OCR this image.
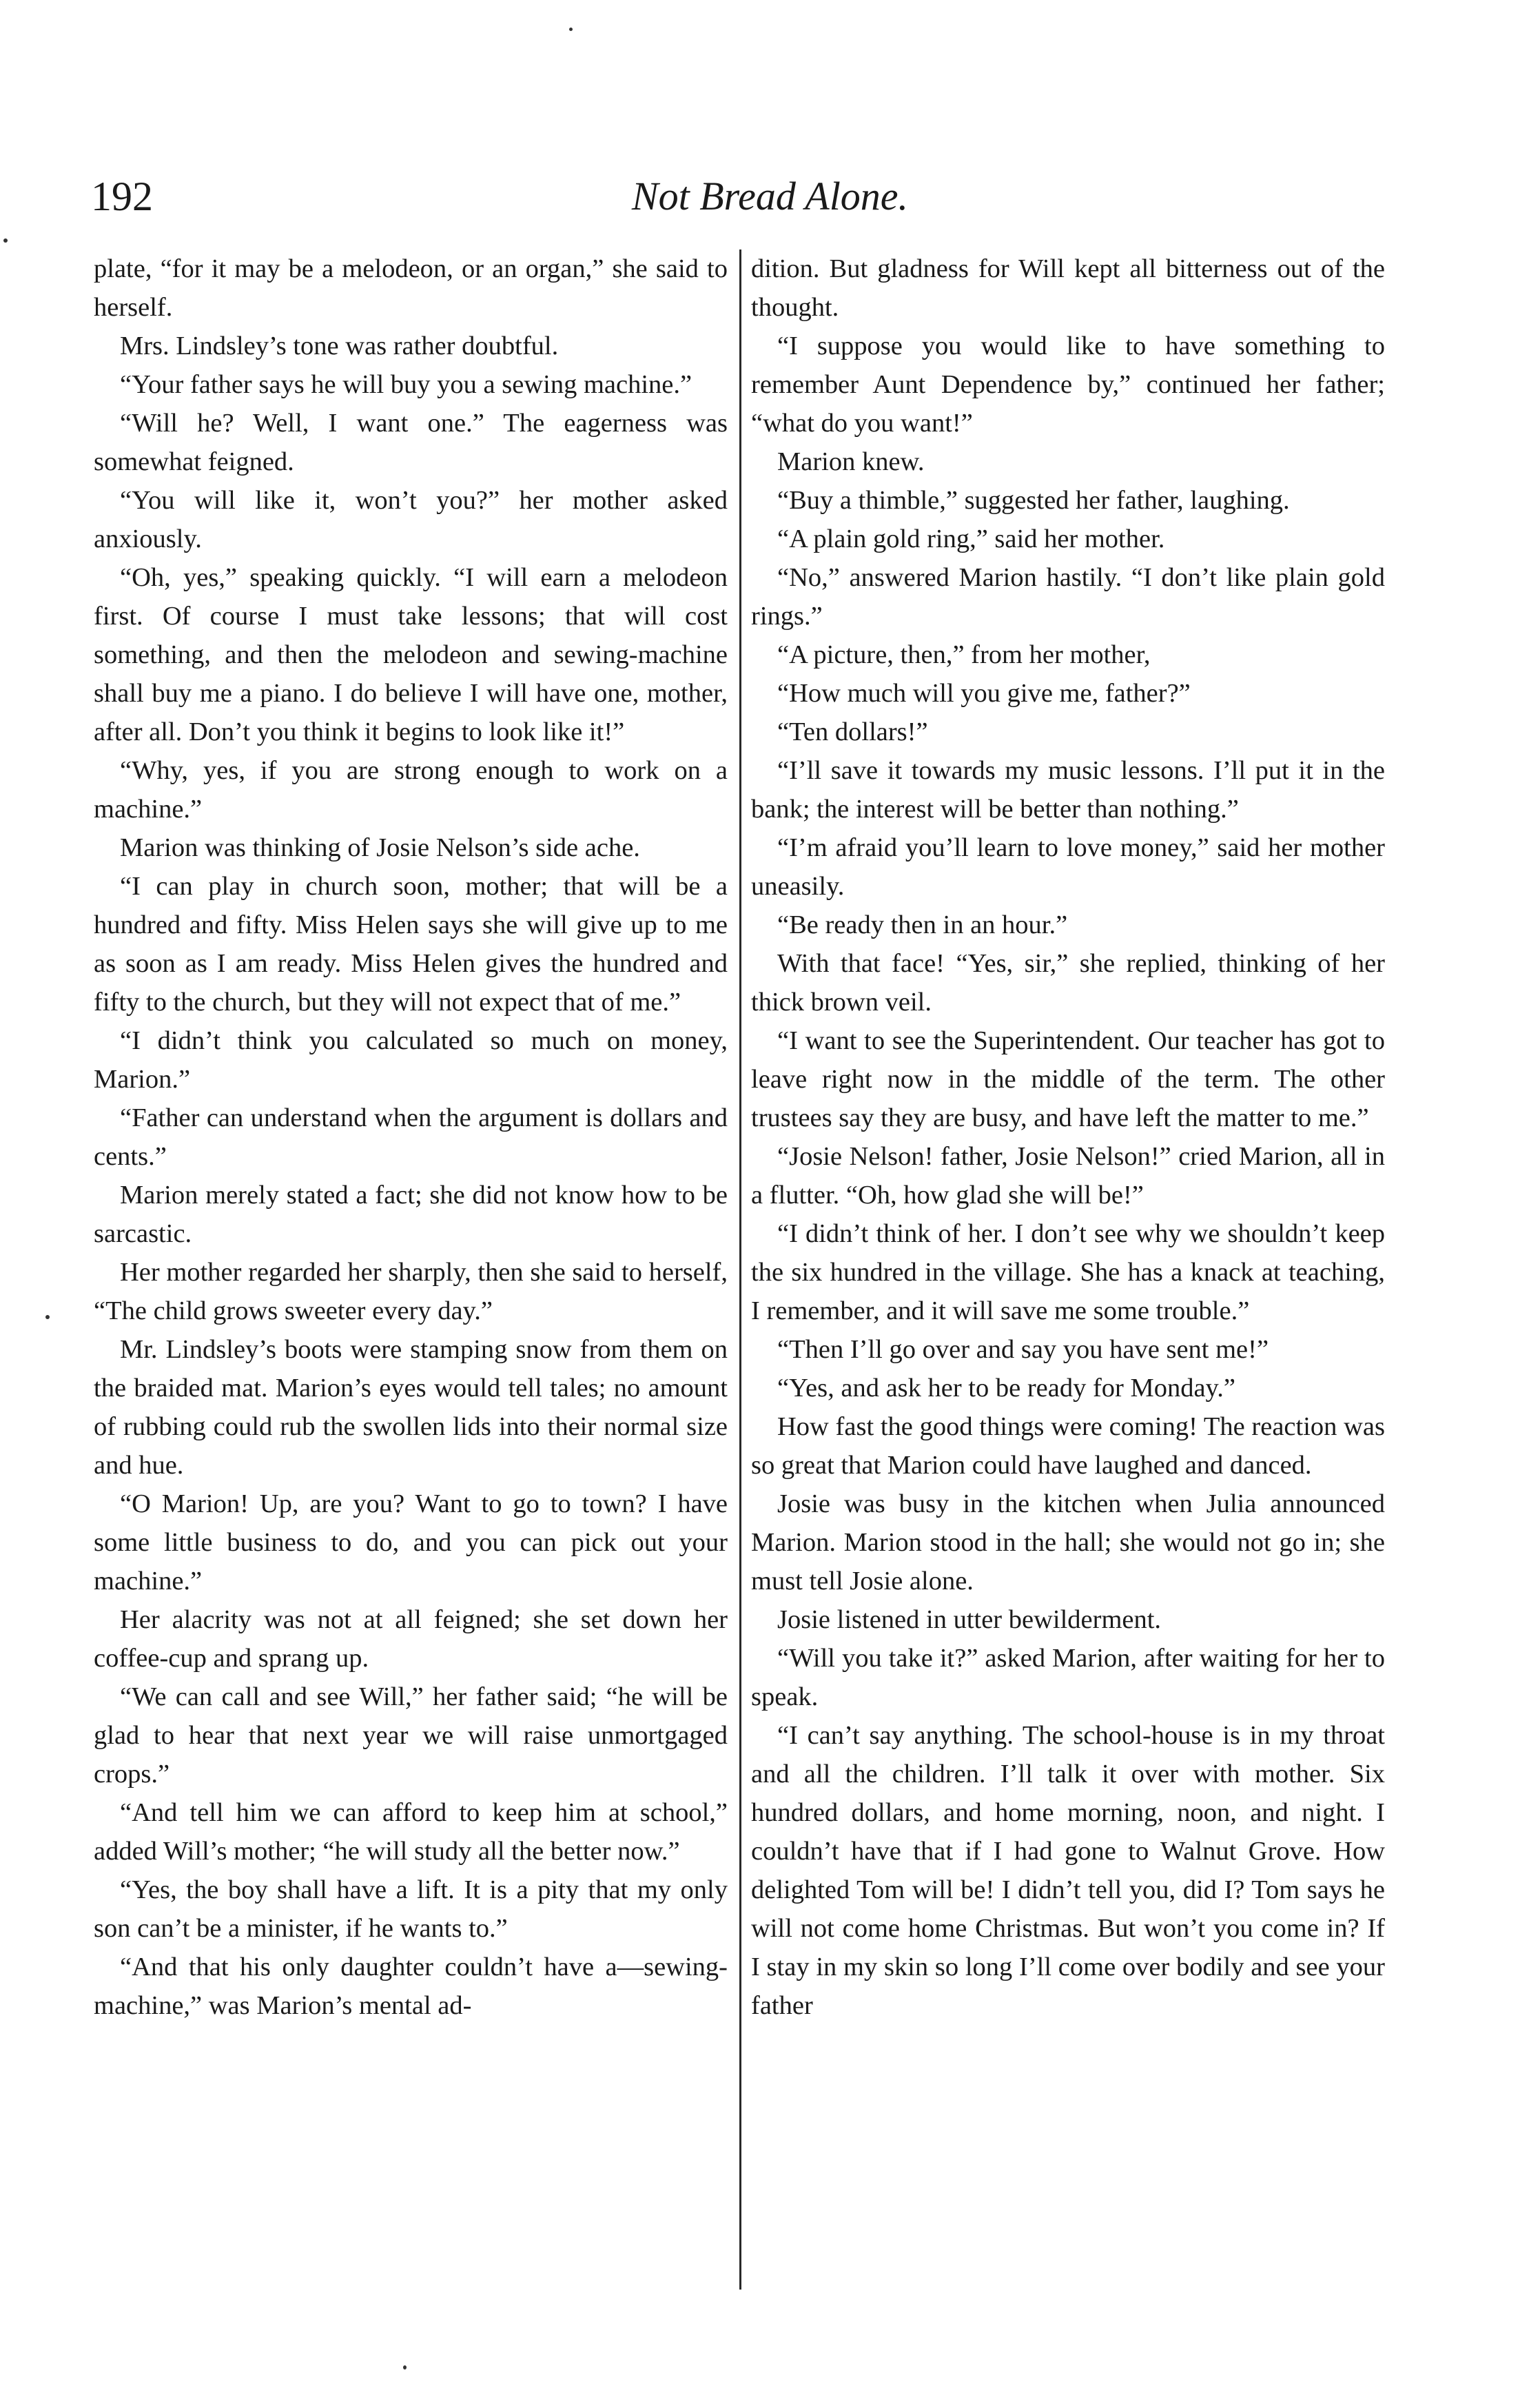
192	Not Bread Alone.

plate, “for it may be a melodeon, or an organ,” she said to herself.

Mrs. Lindsley’s tone was rather doubtful.

“Your father says he will buy you a sewing machine.”

“Will he? Well, I want one.” The eagerness was somewhat feigned.

“You will like it, won’t you?” her mother asked anxiously.

“Oh, yes,” speaking quickly. “I will earn a melodeon first. Of course I must take lessons; that will cost something, and then the melodeon and sewing-machine shall buy me a piano. I do believe I will have one, mother, after all. Don’t you think it begins to look like it!”

“Why, yes, if you are strong enough to work on a machine.”

Marion was thinking of Josie Nelson’s side ache.

“I can play in church soon, mother; that will be a hundred and fifty. Miss Helen says she will give up to me as soon as I am ready. Miss Helen gives the hundred and fifty to the church, but they will not expect that of me.”

“I didn’t think you calculated so much on money, Marion.”

“Father can understand when the argument is dollars and cents.”

Marion merely stated a fact; she did not know how to be sarcastic.

Her mother regarded her sharply, then she said to herself, “The child grows sweeter every day.”

Mr. Lindsley’s boots were stamping snow from them on the braided mat. Marion’s eyes would tell tales; no amount of rubbing could rub the swollen lids into their normal size and hue.

“O Marion! Up, are you? Want to go to town? I have some little business to do, and you can pick out your machine.”

Her alacrity was not at all feigned; she set down her coffee-cup and sprang up.

“We can call and see Will,” her father said; “he will be glad to hear that next year we will raise unmortgaged crops.”

“And tell him we can afford to keep him at school,” added Will’s mother; “he will study all the better now.”

“Yes, the boy shall have a lift. It is a pity that my only son can’t be a minister, if he wants to.”

“And that his only daughter couldn’t have a—sewing-machine,” was Marion’s mental ad-

dition. But gladness for Will kept all bitterness out of the thought.

“I suppose you would like to have something to remember Aunt Dependence by,” continued her father; “what do you want!”

Marion knew.

“Buy a thimble,” suggested her father, laughing.

“A plain gold ring,” said her mother.

“No,” answered Marion hastily. “I don’t like plain gold rings.”

“A picture, then,” from her mother,

“How much will you give me, father?”

“Ten dollars!”

“I’ll save it towards my music lessons. I’ll put it in the bank; the interest will be better than nothing.”

“I’m afraid you’ll learn to love money,” said her mother uneasily.

“Be ready then in an hour.”

With that face! “Yes, sir,” she replied, thinking of her thick brown veil.

“I want to see the Superintendent. Our teacher has got to leave right now in the middle of the term. The other trustees say they are busy, and have left the matter to me.”

“Josie Nelson! father, Josie Nelson!” cried Marion, all in a flutter. “Oh, how glad she will be!”

“I didn’t think of her. I don’t see why we shouldn’t keep the six hundred in the village. She has a knack at teaching, I remember, and it will save me some trouble.”

“Then I’ll go over and say you have sent me!”

“Yes, and ask her to be ready for Monday.”

How fast the good things were coming! The reaction was so great that Marion could have laughed and danced.

Josie was busy in the kitchen when Julia announced Marion. Marion stood in the hall; she would not go in; she must tell Josie alone.

Josie listened in utter bewilderment.

“Will you take it?” asked Marion, after waiting for her to speak.

“I can’t say anything. The school-house is in my throat and all the children. I’ll talk it over with mother. Six hundred dollars, and home morning, noon, and night. I couldn’t have that if I had gone to Walnut Grove. How delighted Tom will be! I didn’t tell you, did I? Tom says he will not come home Christmas. But won’t you come in? If I stay in my skin so long I’ll come over bodily and see your father
